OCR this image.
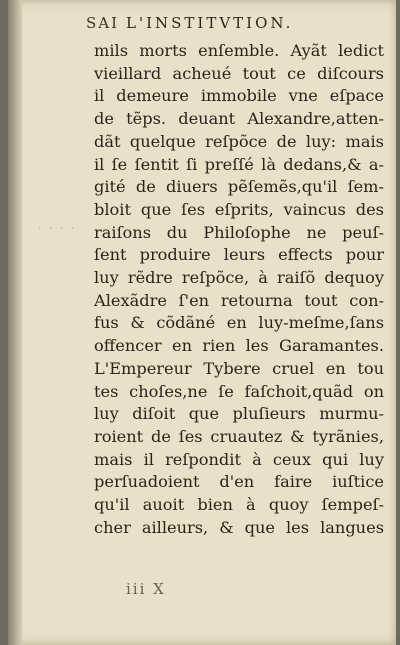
SAI L'INSTITVTION.
· · · ·
mils morts enſemble. Ayãt ledict
vieillard acheué tout ce diſcours
il demeure immobile vne eſpace
de tẽps. deuant Alexandre,atten-
dãt quelque reſpõce de luy: mais
il ſe ſentit ſi preſſé là dedans,& a-
gité de diuers pẽſemẽs,qu'il ſem-
bloit que ſes eſprits, vaincus des
raiſons du Philoſophe ne peuſ-
ſent produire leurs effects pour
luy rẽdre reſpõce, à raiſõ dequoy
Alexãdre ſ'en retourna tout con-
fus & cõdãné en luy-meſme,ſans
offencer en rien les Garamantes.
L'Empereur Tybere cruel en tou
tes choſes,ne ſe faſchoit,quãd on
luy diſoit que pluſieurs murmu-
roient de ſes cruautez & tyrãnies,
mais il reſpondit à ceux qui luy
perſuadoient d'en faire iuſtice
qu'il auoit bien à quoy ſempeſ-
cher ailleurs, & que les langues
iii X
